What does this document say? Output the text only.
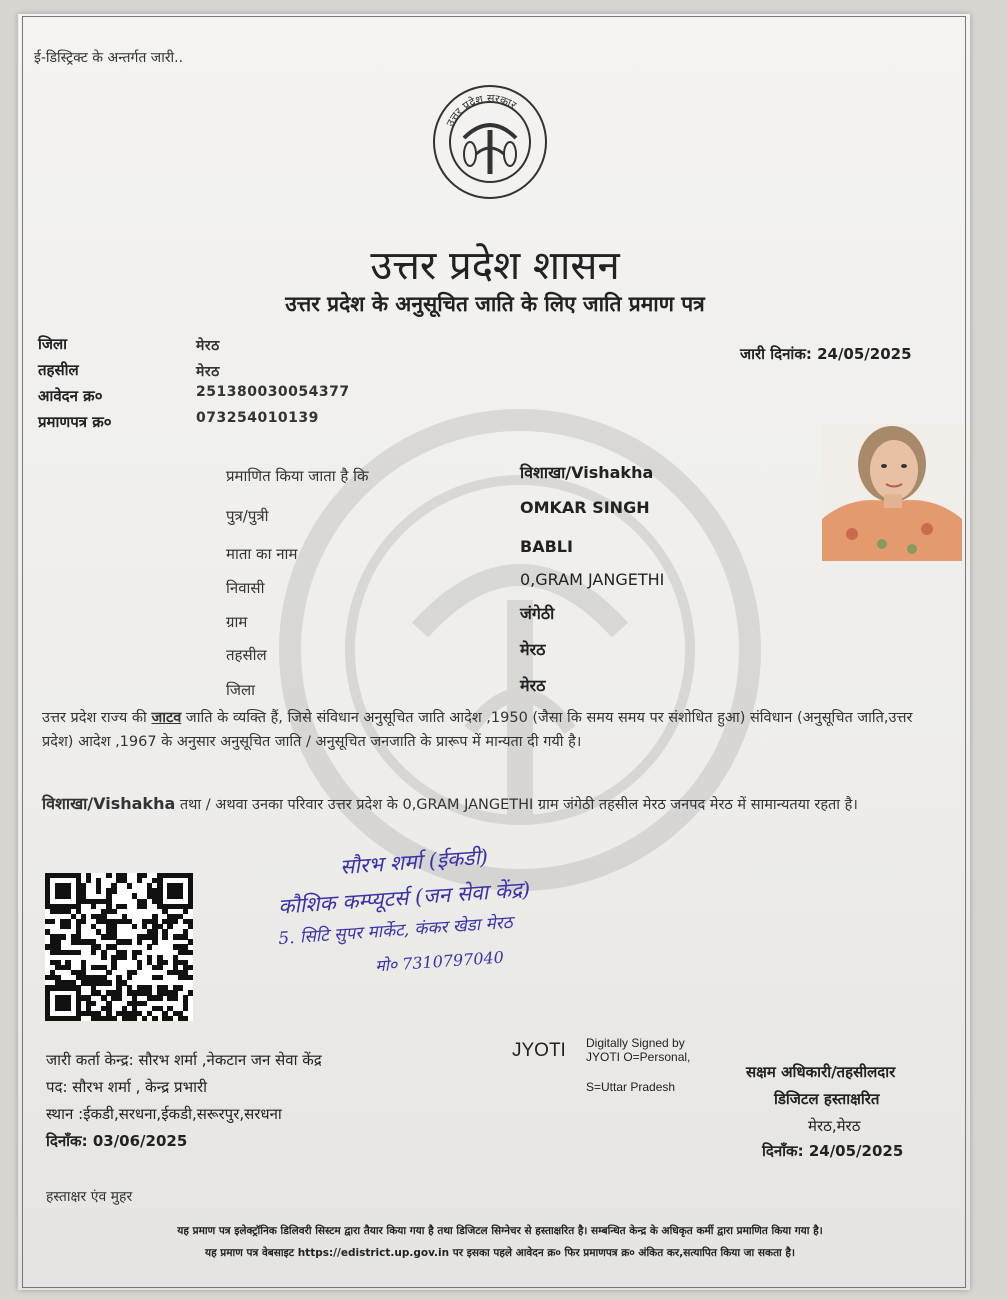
ई-डिस्ट्रिक्ट के अन्तर्गत जारी..
उत्तर प्रदेश सरकार
उत्तर प्रदेश शासन
उत्तर प्रदेश के अनुसूचित जाति के लिए जाति प्रमाण पत्र
जिला	मेरठ
तहसील	मेरठ
आवेदन क्र०	251380030054377
प्रमाणपत्र क्र०	073254010139
जारी दिनांक: 24/05/2025
प्रमाणित किया जाता है कि	विशाखा/Vishakha
पुत्र/पुत्री	OMKAR SINGH
माता का नाम	BABLI
निवासी	0,GRAM JANGETHI
ग्राम	जंगेठी
तहसील	मेरठ
जिला	मेरठ
उत्तर प्रदेश राज्य की जाटव जाति के व्यक्ति हैं, जिसे संविधान अनुसूचित जाति आदेश ,1950 (जैसा कि समय समय पर संशोधित हुआ) संविधान (अनुसूचित जाति,उत्तर प्रदेश) आदेश ,1967 के अनुसार अनुसूचित जाति / अनुसूचित जनजाति के प्रारूप में मान्यता दी गयी है।
विशाखा/Vishakha तथा / अथवा उनका परिवार उत्तर प्रदेश के 0,GRAM JANGETHI ग्राम जंगेठी तहसील मेरठ जनपद मेरठ में सामान्यतया रहता है।
सौरभ शर्मा (ईकडी)
कौशिक कम्प्यूटर्स (जन सेवा केंद्र)
5. सिटि सुपर मार्केट, कंकर खेडा मेरठ
मो० 7310797040
जारी कर्ता केन्द्र: सौरभ शर्मा ,नेकटान जन सेवा केंद्र
पद: सौरभ शर्मा , केन्द्र प्रभारी
स्थान :ईकडी,सरधना,ईकडी,सरूरपुर,सरधना
दिनाँक: 03/06/2025
JYOTI Digitally Signed by
JYOTI O=Personal,
S=Uttar Pradesh
सक्षम अधिकारी/तहसीलदार
डिजिटल हस्ताक्षरित
मेरठ,मेरठ
दिनाँक: 24/05/2025
हस्ताक्षर एंव मुहर
यह प्रमाण पत्र इलेक्ट्रॉनिक डिलिवरी सिस्टम द्वारा तैयार किया गया है तथा डिजिटल सिग्नेचर से हस्ताक्षरित है। सम्बन्धित केन्द्र के अधिकृत कर्मी द्वारा प्रमाणित किया गया है।
यह प्रमाण पत्र वेबसाइट https://edistrict.up.gov.in पर इसका पहले आवेदन क्र० फिर प्रमाणपत्र क्र० अंकित कर,सत्यापित किया जा सकता है।
